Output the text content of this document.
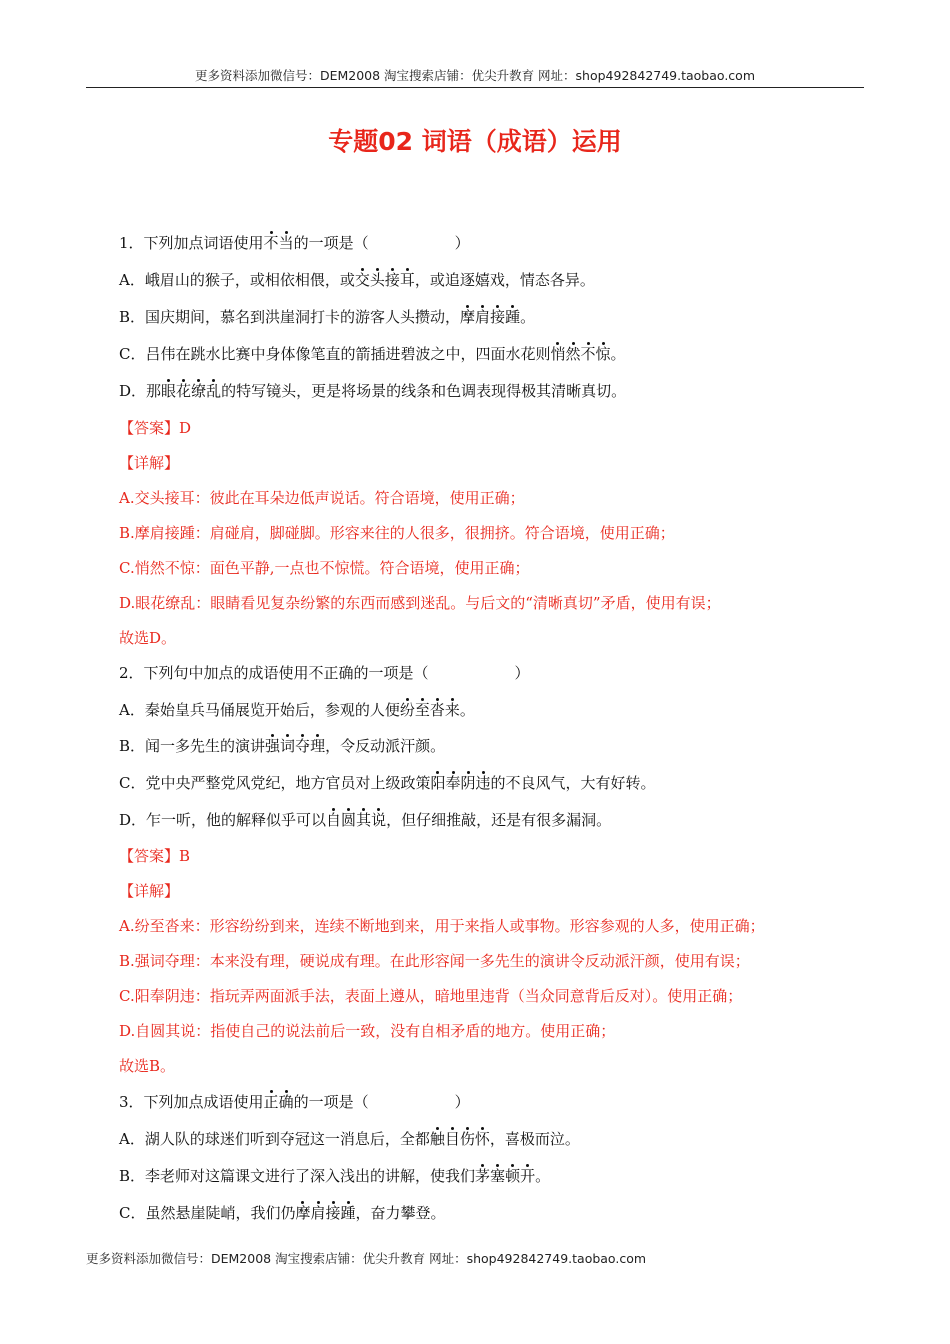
更多资料添加微信号：DEM2008 淘宝搜索店铺：优尖升教育 网址：shop492842749.taobao.com
专题02 词语（成语）运用
1．下列加点词语使用不当的一项是（	）
A．峨眉山的猴子，或相依相偎，或交头接耳，或追逐嬉戏，情态各异。
B．国庆期间，慕名到洪崖洞打卡的游客人头攒动，摩肩接踵。
C．吕伟在跳水比赛中身体像笔直的箭插进碧波之中，四面水花则悄然不惊。
D．那眼花缭乱的特写镜头，更是将场景的线条和色调表现得极其清晰真切。
【答案】D
【详解】
A.交头接耳：彼此在耳朵边低声说话。符合语境，使用正确；
B.摩肩接踵：肩碰肩，脚碰脚。形容来往的人很多，很拥挤。符合语境，使用正确；
C.悄然不惊：面色平静,一点也不惊慌。符合语境，使用正确；
D.眼花缭乱：眼睛看见复杂纷繁的东西而感到迷乱。与后文的“清晰真切”矛盾，使用有误；
故选D。
2．下列句中加点的成语使用不正确的一项是（	）
A．秦始皇兵马俑展览开始后，参观的人便纷至沓来。
B．闻一多先生的演讲强词夺理，令反动派汗颜。
C．党中央严整党风党纪，地方官员对上级政策阳奉阴违的不良风气，大有好转。
D．乍一听，他的解释似乎可以自圆其说，但仔细推敲，还是有很多漏洞。
【答案】B
【详解】
A.纷至沓来：形容纷纷到来，连续不断地到来，用于来指人或事物。形容参观的人多，使用正确；
B.强词夺理：本来没有理，硬说成有理。在此形容闻一多先生的演讲令反动派汗颜，使用有误；
C.阳奉阴违：指玩弄两面派手法，表面上遵从，暗地里违背（当众同意背后反对）。使用正确；
D.自圆其说：指使自己的说法前后一致，没有自相矛盾的地方。使用正确；
故选B。
3．下列加点成语使用正确的一项是（	）
A．湖人队的球迷们听到夺冠这一消息后，全都触目伤怀，喜极而泣。
B．李老师对这篇课文进行了深入浅出的讲解，使我们茅塞顿开。
C．虽然悬崖陡峭，我们仍摩肩接踵，奋力攀登。
更多资料添加微信号：DEM2008 淘宝搜索店铺：优尖升教育 网址：shop492842749.taobao.com
